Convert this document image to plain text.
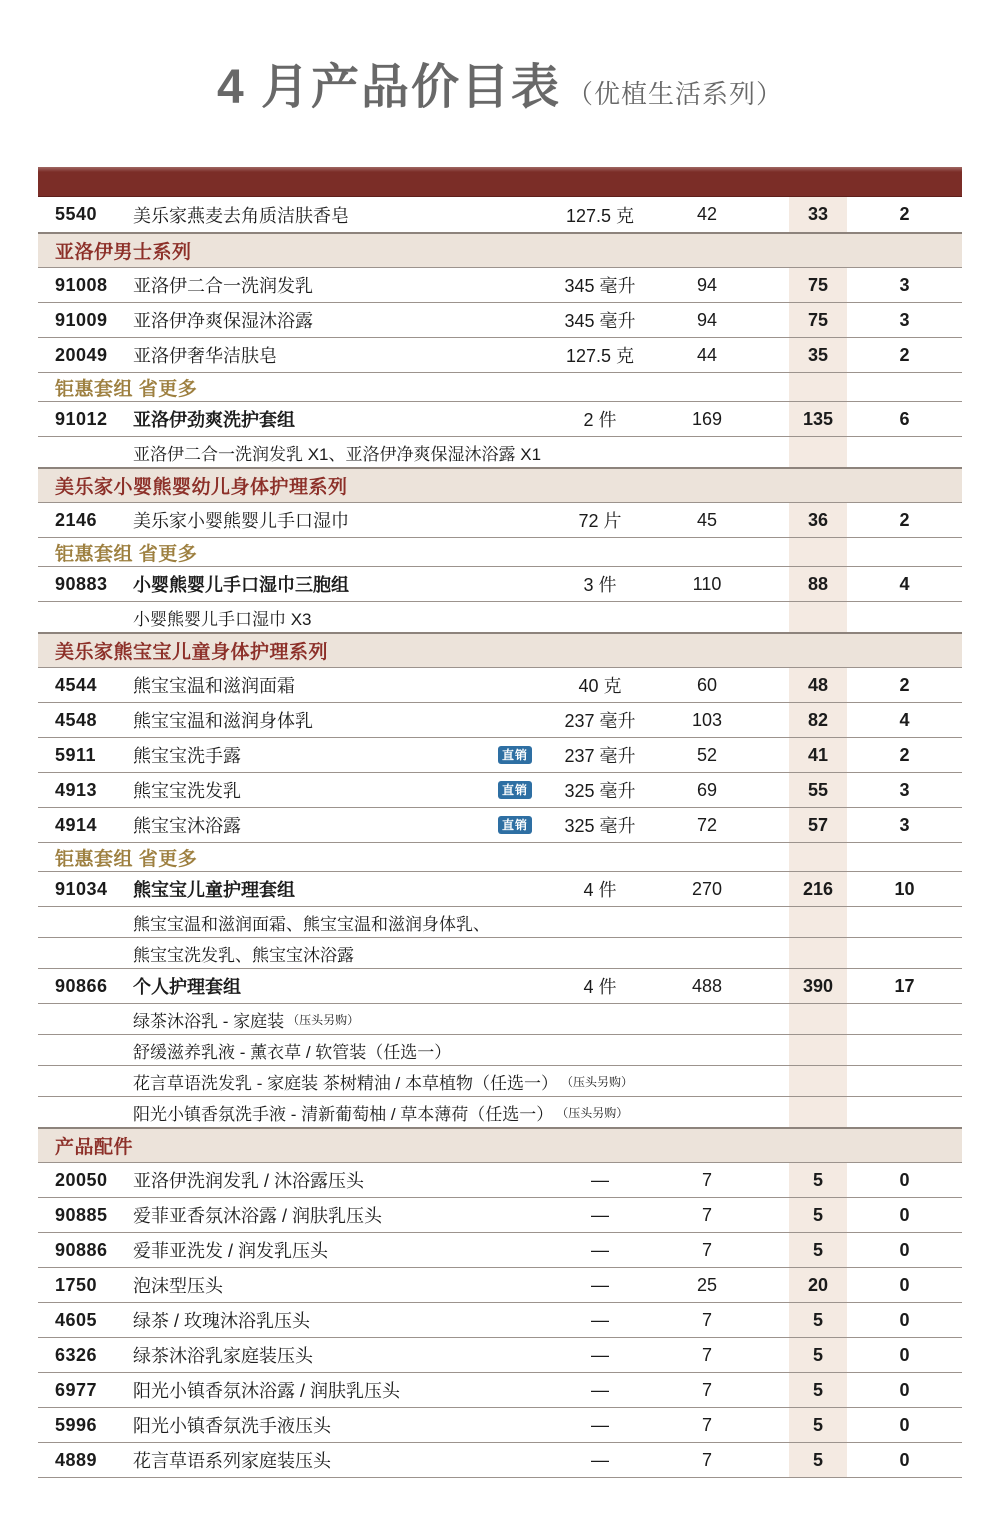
4 月产品价目表 （优植生活系列）
5540	美乐家燕麦去角质洁肤香皂	127.5 克	42	33	2
亚洛伊男士系列
91008	亚洛伊二合一洗润发乳	345 毫升	94	75	3
91009	亚洛伊净爽保湿沐浴露	345 毫升	94	75	3
20049	亚洛伊奢华洁肤皂	127.5 克	44	35	2
钜惠套组 省更多
91012	亚洛伊劲爽洗护套组	2 件	169	135	6
亚洛伊二合一洗润发乳 X1、亚洛伊净爽保湿沐浴露 X1
美乐家小婴熊婴幼儿身体护理系列
2146	美乐家小婴熊婴儿手口湿巾	72 片	45	36	2
钜惠套组 省更多
90883	小婴熊婴儿手口湿巾三胞组	3 件	110	88	4
小婴熊婴儿手口湿巾 X3
美乐家熊宝宝儿童身体护理系列
4544	熊宝宝温和滋润面霜	40 克	60	48	2
4548	熊宝宝温和滋润身体乳	237 毫升	103	82	4
5911	熊宝宝洗手露	直销	237 毫升	52	41	2
4913	熊宝宝洗发乳	直销	325 毫升	69	55	3
4914	熊宝宝沐浴露	直销	325 毫升	72	57	3
钜惠套组 省更多
91034	熊宝宝儿童护理套组	4 件	270	216	10
熊宝宝温和滋润面霜、熊宝宝温和滋润身体乳、
熊宝宝洗发乳、熊宝宝沐浴露
90866	个人护理套组	4 件	488	390	17
绿茶沐浴乳 - 家庭装 （压头另购）
舒缓滋养乳液 - 薰衣草 / 软管装（任选一）
花言草语洗发乳 - 家庭装 茶树精油 / 本草植物（任选一） （压头另购）
阳光小镇香氛洗手液 - 清新葡萄柚 / 草本薄荷（任选一） （压头另购）
产品配件
20050	亚洛伊洗润发乳 / 沐浴露压头	—	7	5	0
90885	爱菲亚香氛沐浴露 / 润肤乳压头	—	7	5	0
90886	爱菲亚洗发 / 润发乳压头	—	7	5	0
1750	泡沫型压头	—	25	20	0
4605	绿茶 / 玫瑰沐浴乳压头	—	7	5	0
6326	绿茶沐浴乳家庭装压头	—	7	5	0
6977	阳光小镇香氛沐浴露 / 润肤乳压头	—	7	5	0
5996	阳光小镇香氛洗手液压头	—	7	5	0
4889	花言草语系列家庭装压头	—	7	5	0
